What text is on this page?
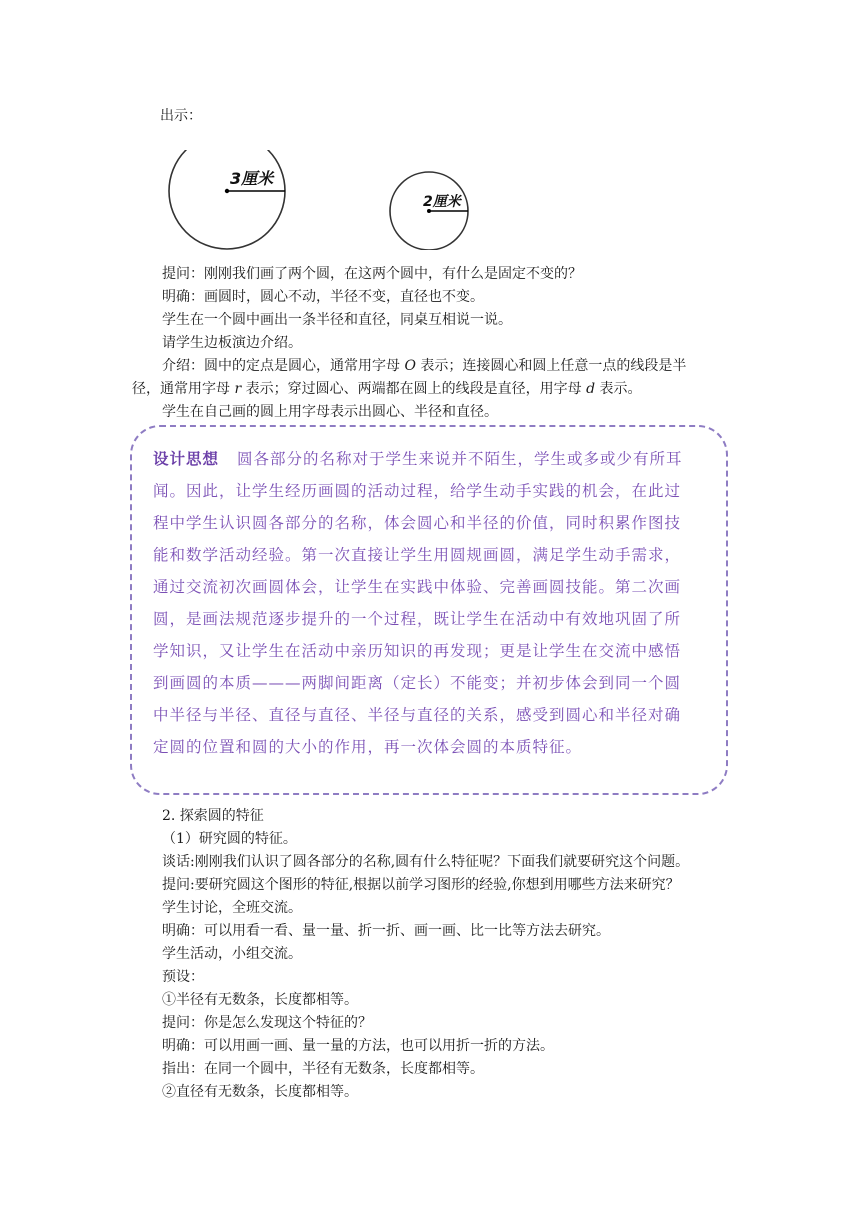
出示：
3厘米
2厘米
提问：刚刚我们画了两个圆，在这两个圆中，有什么是固定不变的？
明确：画圆时，圆心不动，半径不变，直径也不变。
学生在一个圆中画出一条半径和直径，同桌互相说一说。
请学生边板演边介绍。
介绍：圆中的定点是圆心，通常用字母 O 表示；连接圆心和圆上任意一点的线段是半
径，通常用字母 r 表示；穿过圆心、两端都在圆上的线段是直径，用字母 d 表示。
学生在自己画的圆上用字母表示出圆心、半径和直径。
设计思想 圆各部分的名称对于学生来说并不陌生，学生或多或少有所耳
闻。因此，让学生经历画圆的活动过程，给学生动手实践的机会，在此过
程中学生认识圆各部分的名称，体会圆心和半径的价值，同时积累作图技
能和数学活动经验。第一次直接让学生用圆规画圆，满足学生动手需求，
通过交流初次画圆体会，让学生在实践中体验、完善画圆技能。第二次画
圆，是画法规范逐步提升的一个过程，既让学生在活动中有效地巩固了所
学知识，又让学生在活动中亲历知识的再发现；更是让学生在交流中感悟
到画圆的本质———两脚间距离（定长）不能变；并初步体会到同一个圆
中半径与半径、直径与直径、半径与直径的关系，感受到圆心和半径对确
定圆的位置和圆的大小的作用，再一次体会圆的本质特征。
2. 探索圆的特征
（1）研究圆的特征。
谈话:刚刚我们认识了圆各部分的名称,圆有什么特征呢？下面我们就要研究这个问题。
提问:要研究圆这个图形的特征,根据以前学习图形的经验,你想到用哪些方法来研究？
学生讨论，全班交流。
明确：可以用看一看、量一量、折一折、画一画、比一比等方法去研究。
学生活动，小组交流。
预设：
①半径有无数条，长度都相等。
提问：你是怎么发现这个特征的？
明确：可以用画一画、量一量的方法，也可以用折一折的方法。
指出：在同一个圆中，半径有无数条，长度都相等。
②直径有无数条，长度都相等。
